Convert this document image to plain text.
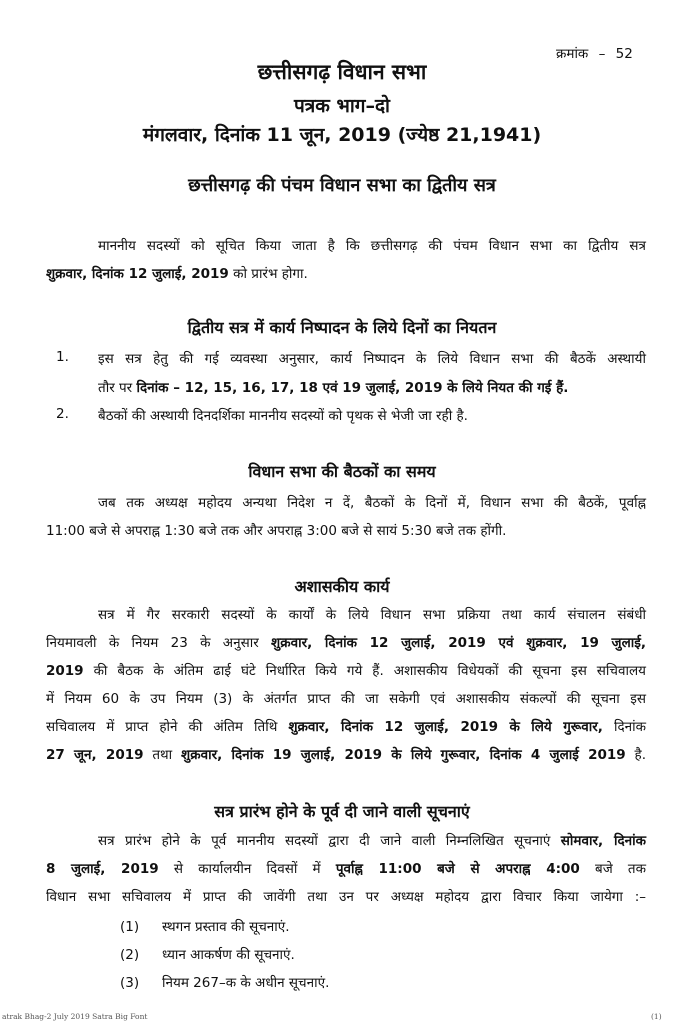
क्रमांक – 52
छत्तीसगढ़ विधान सभा
पत्रक भाग–दो
मंगलवार, दिनांक 11 जून, 2019 (ज्येष्ठ 21,1941)
छत्तीसगढ़ की पंचम विधान सभा का द्वितीय सत्र
माननीय सदस्यों को सूचित किया जाता है कि छत्तीसगढ़ की पंचम विधान सभा का द्वितीय सत्र
शुक्रवार, दिनांक 12 जुलाई, 2019 को प्रारंभ होगा.
द्वितीय सत्र में कार्य निष्पादन के लिये दिनों का नियतन
1. इस सत्र हेतु की गई व्यवस्था अनुसार, कार्य निष्पादन के लिये विधान सभा की बैठकें अस्थायी
तौर पर दिनांक – 12, 15, 16, 17, 18 एवं 19 जुलाई, 2019 के लिये नियत की गई हैं.
2. बैठकों की अस्थायी दिनदर्शिका माननीय सदस्यों को पृथक से भेजी जा रही है.
विधान सभा की बैठकों का समय
जब तक अध्यक्ष महोदय अन्यथा निदेश न दें, बैठकों के दिनों में, विधान सभा की बैठकें, पूर्वाह्न
11:00 बजे से अपराह्न 1:30 बजे तक और अपराह्न 3:00 बजे से सायं 5:30 बजे तक होंगी.
अशासकीय कार्य
सत्र में गैर सरकारी सदस्यों के कार्यों के लिये विधान सभा प्रक्रिया तथा कार्य संचालन संबंधी
नियमावली के नियम 23 के अनुसार शुक्रवार, दिनांक 12 जुलाई, 2019 एवं शुक्रवार, 19 जुलाई,
2019 की बैठक के अंतिम ढाई घंटे निर्धारित किये गये हैं. अशासकीय विधेयकों की सूचना इस सचिवालय
में नियम 60 के उप नियम (3) के अंतर्गत प्राप्त की जा सकेगी एवं अशासकीय संकल्पों की सूचना इस
सचिवालय में प्राप्त होने की अंतिम तिथि शुक्रवार, दिनांक 12 जुलाई, 2019 के लिये गुरूवार, दिनांक
27 जून, 2019 तथा शुक्रवार, दिनांक 19 जुलाई, 2019 के लिये गुरूवार, दिनांक 4 जुलाई 2019 है.
सत्र प्रारंभ होने के पूर्व दी जाने वाली सूचनाएं
सत्र प्रारंभ होने के पूर्व माननीय सदस्यों द्वारा दी जाने वाली निम्नलिखित सूचनाएं सोमवार, दिनांक
8 जुलाई, 2019 से कार्यालयीन दिवसों में पूर्वाह्न 11:00 बजे से अपराह्न 4:00 बजे तक
विधान सभा सचिवालय में प्राप्त की जावेंगी तथा उन पर अध्यक्ष महोदय द्वारा विचार किया जायेगा :–
(1) स्थगन प्रस्ताव की सूचनाएं.
(2) ध्यान आकर्षण की सूचनाएं.
(3) नियम 267–क के अधीन सूचनाएं.
atrak Bhag-2 July 2019 Satra Big Font	(1)
